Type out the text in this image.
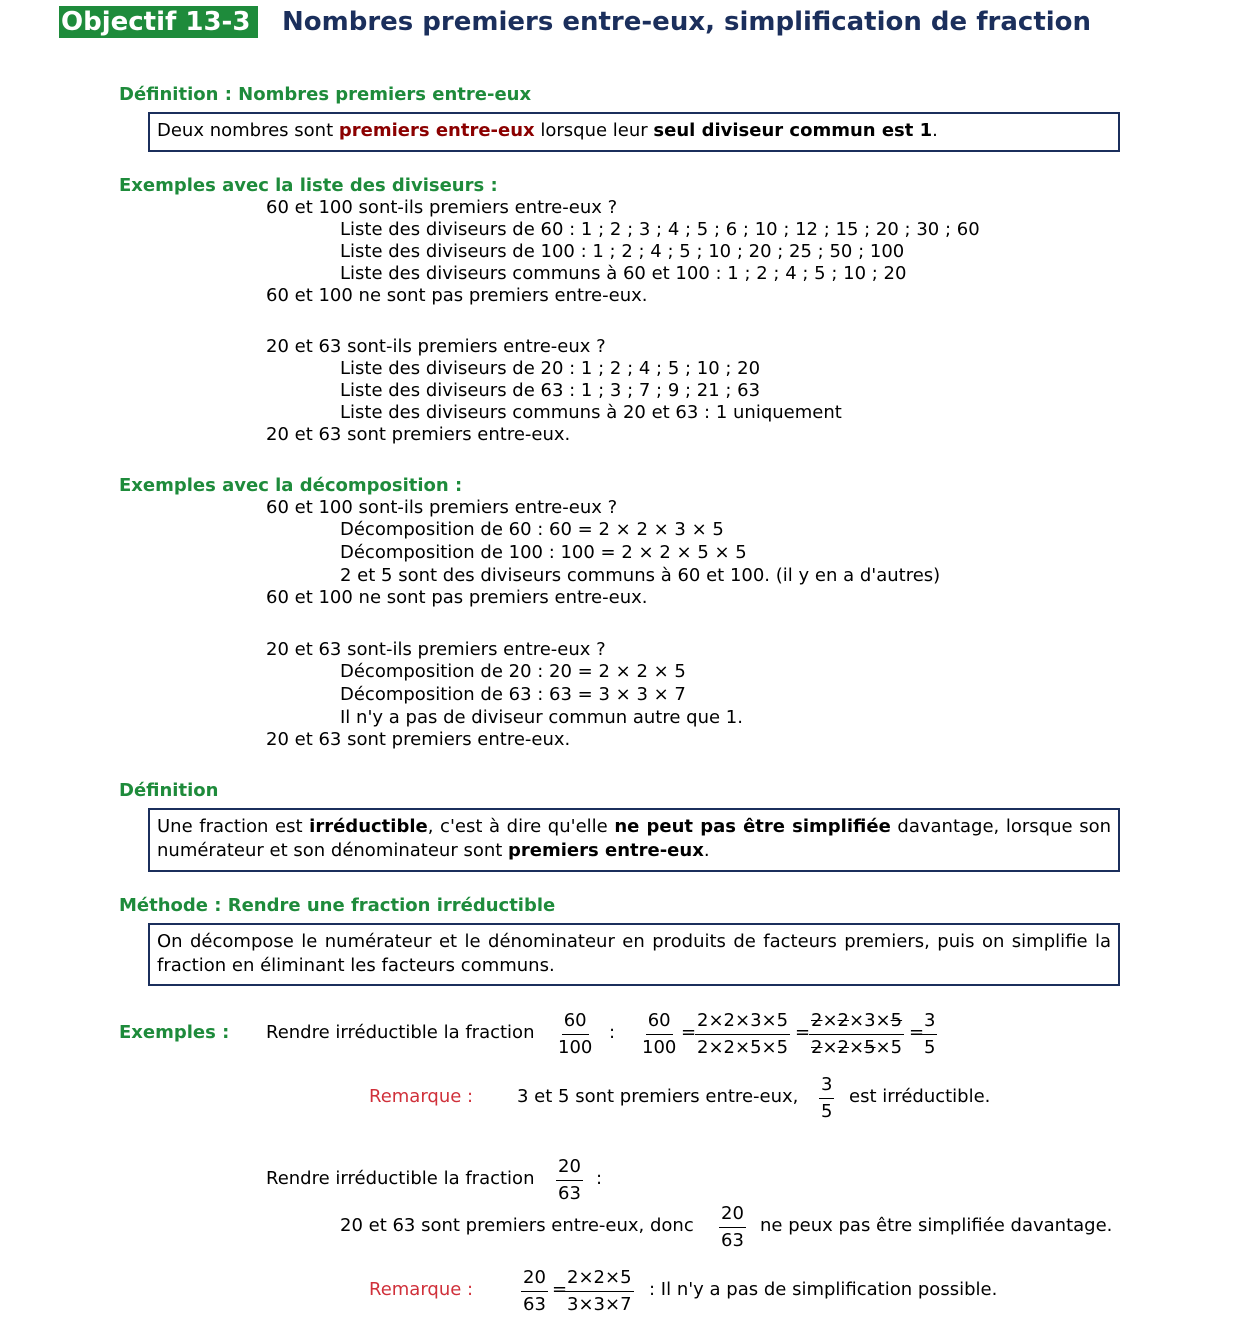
Objectif 13-3	Nombres premiers entre-eux, simplification de fraction
Définition : Nombres premiers entre-eux
Deux nombres sont premiers entre-eux lorsque leur seul diviseur commun est 1.
Exemples avec la liste des diviseurs :
60 et 100 sont-ils premiers entre-eux ?
Liste des diviseurs de 60 : 1 ; 2 ; 3 ; 4 ; 5 ; 6 ; 10 ; 12 ; 15 ; 20 ; 30 ; 60
Liste des diviseurs de 100 : 1 ; 2 ; 4 ; 5 ; 10 ; 20 ; 25 ; 50 ; 100
Liste des diviseurs communs à 60 et 100 : 1 ; 2 ; 4 ; 5 ; 10 ; 20
60 et 100 ne sont pas premiers entre-eux.
20 et 63 sont-ils premiers entre-eux ?
Liste des diviseurs de 20 : 1 ; 2 ; 4 ; 5 ; 10 ; 20
Liste des diviseurs de 63 : 1 ; 3 ; 7 ; 9 ; 21 ; 63
Liste des diviseurs communs à 20 et 63 : 1 uniquement
20 et 63 sont premiers entre-eux.
Exemples avec la décomposition :
60 et 100 sont-ils premiers entre-eux ?
Décomposition de 60 : 60 = 2 × 2 × 3 × 5
Décomposition de 100 : 100 = 2 × 2 × 5 × 5
2 et 5 sont des diviseurs communs à 60 et 100. (il y en a d'autres)
60 et 100 ne sont pas premiers entre-eux.
20 et 63 sont-ils premiers entre-eux ?
Décomposition de 20 : 20 = 2 × 2 × 5
Décomposition de 63 : 63 = 3 × 3 × 7
Il n'y a pas de diviseur commun autre que 1.
20 et 63 sont premiers entre-eux.
Définition
Une fraction est irréductible, c'est à dire qu'elle ne peut pas être simplifiée davantage, lorsque son numérateur et son dénominateur sont premiers entre-eux.
Méthode : Rendre une fraction irréductible
On décompose le numérateur et le dénominateur en produits de facteurs premiers, puis on simplifie la fraction en éliminant les facteurs communs.
Exemples : Rendre irréductible la fraction $\frac{60}{100}$ : $\frac{60}{100}$ =
$\frac{2\times 2\times 3\times 5}{2\times 2\times 5\times 5}$ =
$\frac{2\times 2\times 3\times 5}{2\times 2\times 5\times 5}$ =
$\frac{3}{5}$
Remarque : 3 et 5 sont premiers entre-eux, $\frac{3}{5}$ est irréductible.
Rendre irréductible la fraction $\frac{20}{63}$ :
20 et 63 sont premiers entre-eux, donc $\frac{20}{63}$ ne peux pas être simplifiée davantage.
Remarque :	$\frac{20}{63}$ =
$\frac{2\times 2\times 5}{3\times 3\times 7}$ : Il n'y a pas de simplification possible.
